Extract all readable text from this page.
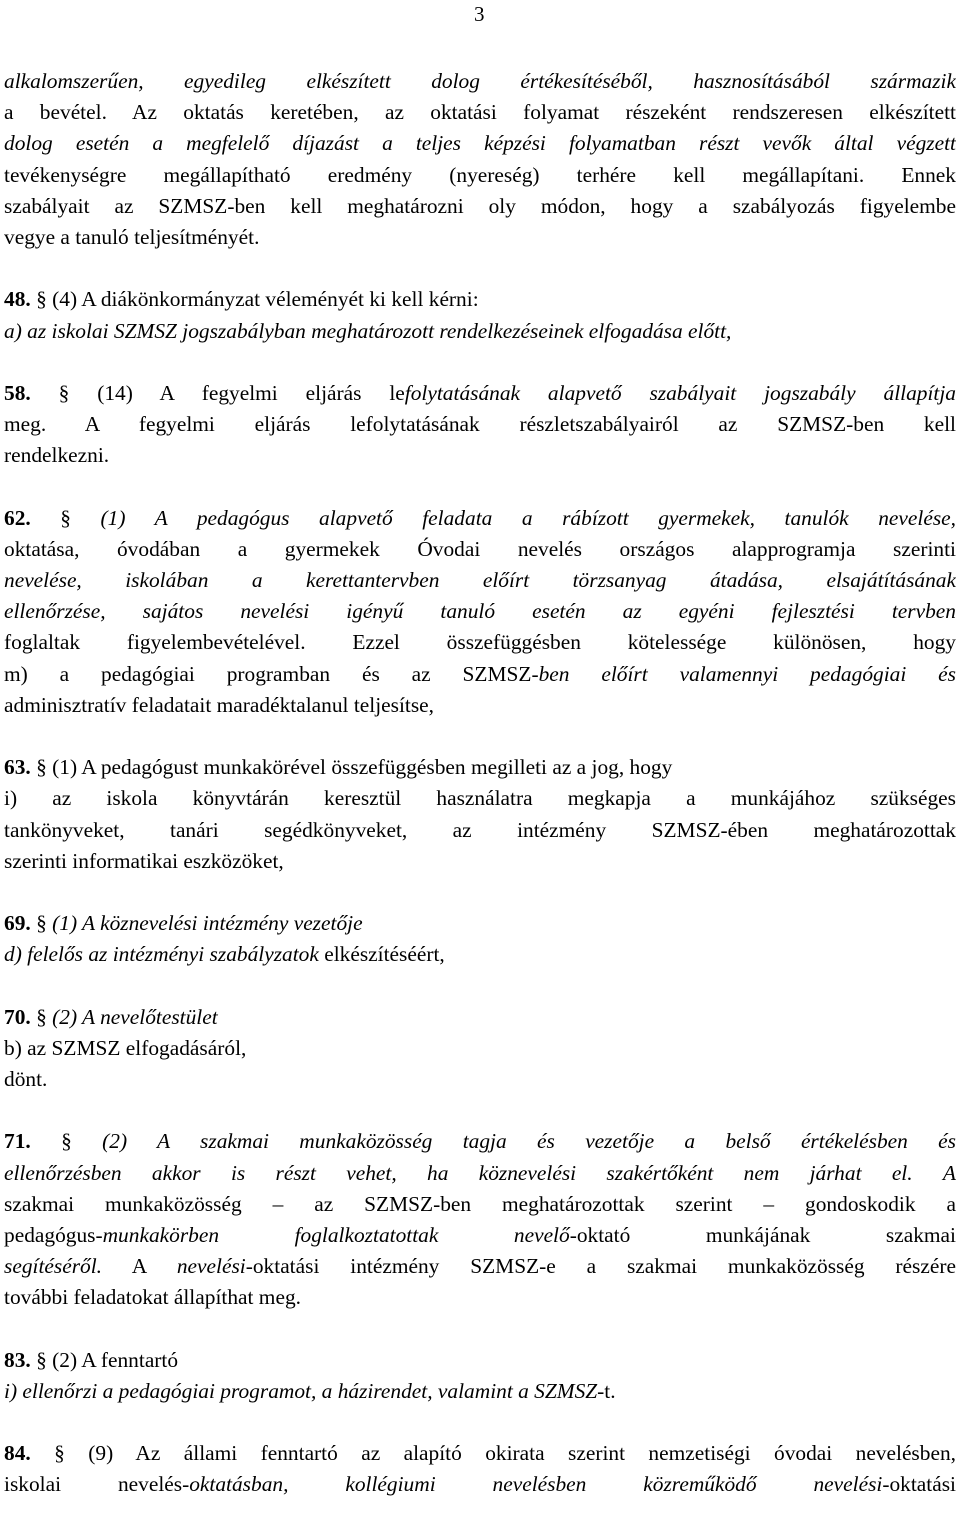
3
alkalomszerűen, egyedileg elkészített dolog értékesítéséből, hasznosításából származik
a bevétel. Az oktatás keretében, az oktatási folyamat részeként rendszeresen elkészített
dolog esetén a megfelelő díjazást a teljes képzési folyamatban részt vevők által végzett
tevékenységre megállapítható eredmény (nyereség) terhére kell megállapítani. Ennek
szabályait az SZMSZ-ben kell meghatározni oly módon, hogy a szabályozás figyelembe
vegye a tanuló teljesítményét.
48. § (4) A diákönkormányzat véleményét ki kell kérni:
a) az iskolai SZMSZ jogszabályban meghatározott rendelkezéseinek elfogadása előtt,
58. § (14) A fegyelmi eljárás lefolytatásának alapvető szabályait jogszabály állapítja
meg. A fegyelmi eljárás lefolytatásának részletszabályairól az SZMSZ-ben kell
rendelkezni.
62. § (1) A pedagógus alapvető feladata a rábízott gyermekek, tanulók nevelése,
oktatása, óvodában a gyermekek Óvodai nevelés országos alapprogramja szerinti
nevelése, iskolában a kerettantervben előírt törzsanyag átadása, elsajátításának
ellenőrzése, sajátos nevelési igényű tanuló esetén az egyéni fejlesztési tervben
foglaltak figyelembevételével. Ezzel összefüggésben kötelessége különösen, hogy
m) a pedagógiai programban és az SZMSZ-ben előírt valamennyi pedagógiai és
adminisztratív feladatait maradéktalanul teljesítse,
63. § (1) A pedagógust munkakörével összefüggésben megilleti az a jog, hogy
i) az iskola könyvtárán keresztül használatra megkapja a munkájához szükséges
tankönyveket, tanári segédkönyveket, az intézmény SZMSZ-ében meghatározottak
szerinti informatikai eszközöket,
69. § (1) A köznevelési intézmény vezetője
d) felelős az intézményi szabályzatok elkészítéséért,
70. § (2) A nevelőtestület
b) az SZMSZ elfogadásáról,
dönt.
71. § (2) A szakmai munkaközösség tagja és vezetője a belső értékelésben és
ellenőrzésben akkor is részt vehet, ha köznevelési szakértőként nem járhat el. A
szakmai munkaközösség – az SZMSZ-ben meghatározottak szerint – gondoskodik a
pedagógus-munkakörben foglalkoztatottak nevelő-oktató munkájának szakmai
segítéséről. A nevelési-oktatási intézmény SZMSZ-e a szakmai munkaközösség részére
további feladatokat állapíthat meg.
83. § (2) A fenntartó
i) ellenőrzi a pedagógiai programot, a házirendet, valamint a SZMSZ-t.
84. § (9) Az állami fenntartó az alapító okirata szerint nemzetiségi óvodai nevelésben,
iskolai nevelés-oktatásban, kollégiumi nevelésben közreműködő nevelési-oktatási
